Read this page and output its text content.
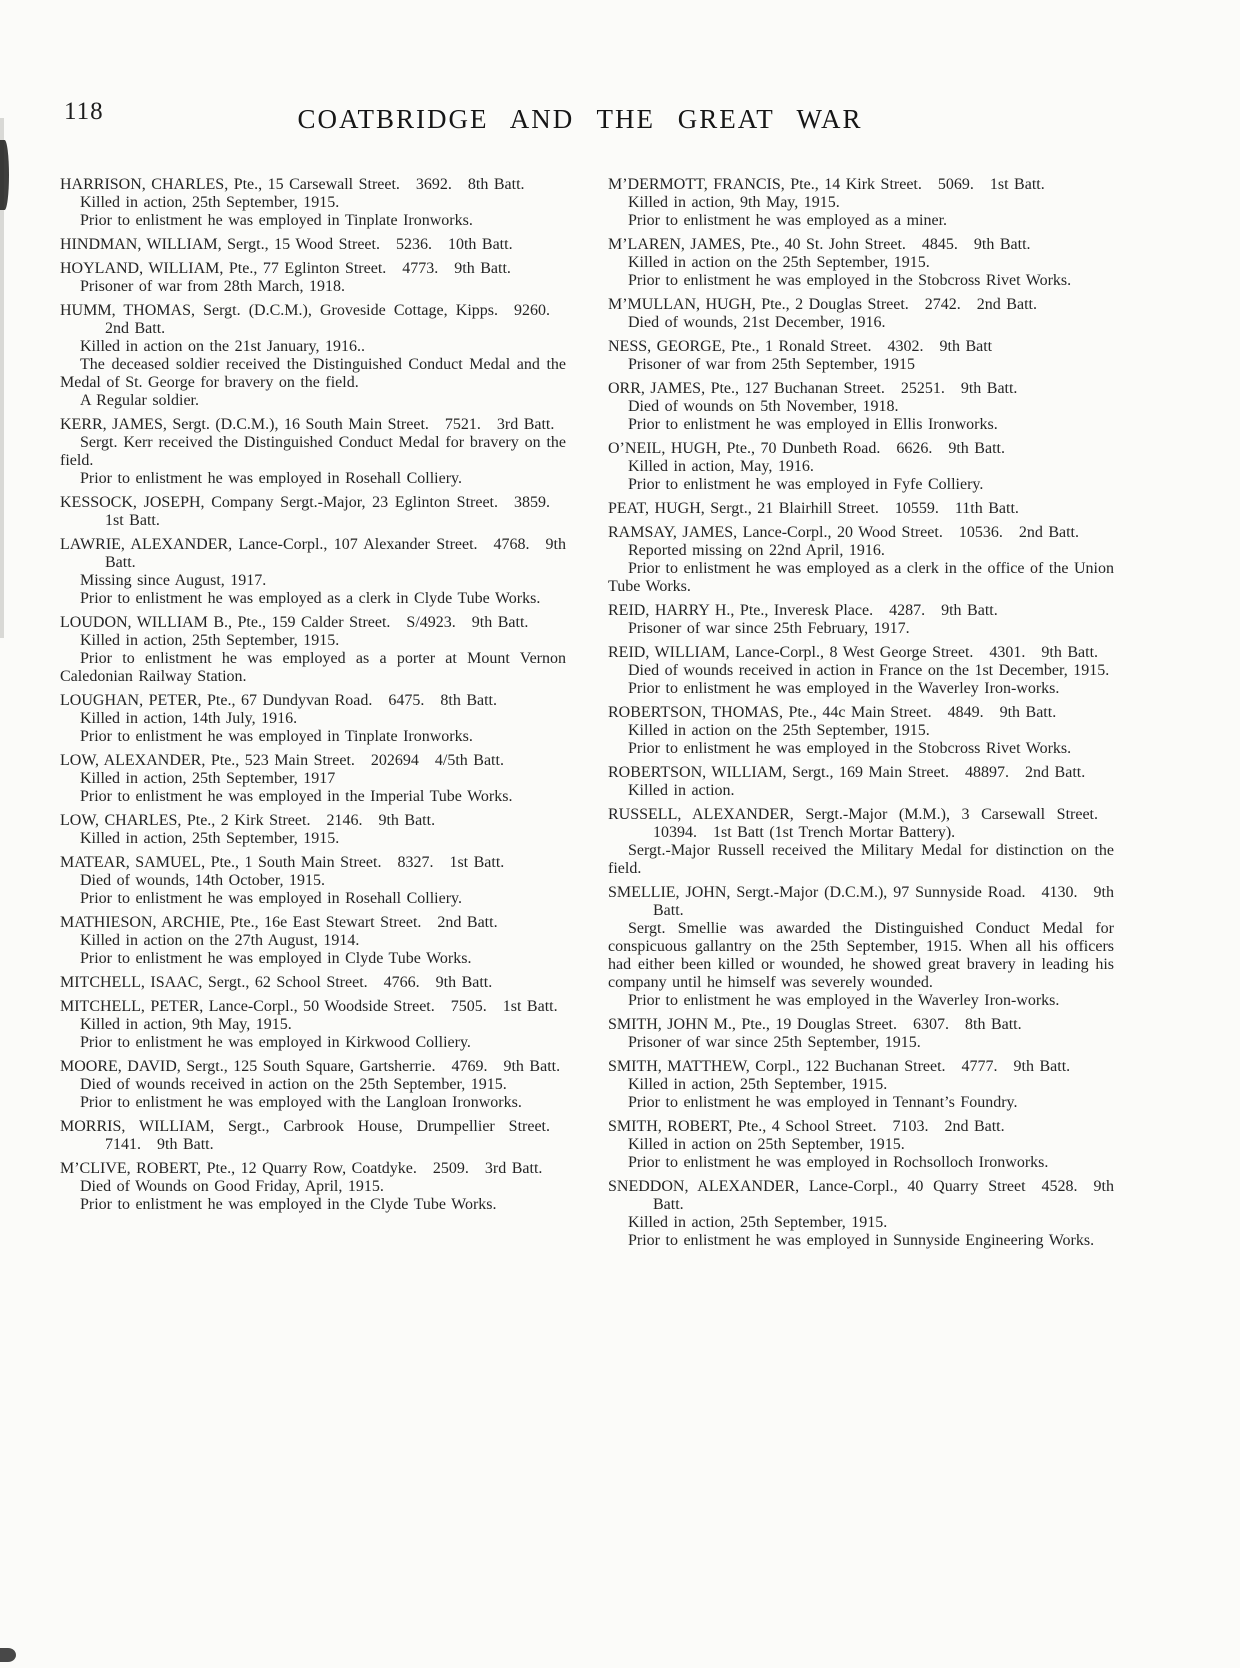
118	COATBRIDGE AND THE GREAT WAR
HARRISON, CHARLES, Pte., 15 Carsewall Street. 3692. 8th Batt.

Killed in action, 25th September, 1915.

Prior to enlistment he was employed in Tinplate Ironworks.

HINDMAN, WILLIAM, Sergt., 15 Wood Street. 5236. 10th Batt.
HOYLAND, WILLIAM, Pte., 77 Eglinton Street. 4773. 9th Batt.

Prisoner of war from 28th March, 1918.

HUMM, THOMAS, Sergt. (D.C.M.), Groveside Cottage, Kipps. 9260. 2nd Batt.

Killed in action on the 21st January, 1916..

The deceased soldier received the Distinguished Conduct Medal and the Medal of St. George for bravery on the field.

A Regular soldier.

KERR, JAMES, Sergt. (D.C.M.), 16 South Main Street. 7521. 3rd Batt.

Sergt. Kerr received the Distinguished Conduct Medal for bravery on the field.

Prior to enlistment he was employed in Rosehall Colliery.

KESSOCK, JOSEPH, Company Sergt.-Major, 23 Eglinton Street. 3859. 1st Batt.
LAWRIE, ALEXANDER, Lance-Corpl., 107 Alexander Street. 4768. 9th Batt.

Missing since August, 1917.

Prior to enlistment he was employed as a clerk in Clyde Tube Works.

LOUDON, WILLIAM B., Pte., 159 Calder Street. S/4923. 9th Batt.

Killed in action, 25th September, 1915.

Prior to enlistment he was employed as a porter at Mount Vernon Caledonian Railway Station.

LOUGHAN, PETER, Pte., 67 Dundyvan Road. 6475. 8th Batt.

Killed in action, 14th July, 1916.

Prior to enlistment he was employed in Tinplate Ironworks.

LOW, ALEXANDER, Pte., 523 Main Street. 202694 4/5th Batt.

Killed in action, 25th September, 1917

Prior to enlistment he was employed in the Imperial Tube Works.

LOW, CHARLES, Pte., 2 Kirk Street. 2146. 9th Batt.

Killed in action, 25th September, 1915.

MATEAR, SAMUEL, Pte., 1 South Main Street. 8327. 1st Batt.

Died of wounds, 14th October, 1915.

Prior to enlistment he was employed in Rosehall Colliery.

MATHIESON, ARCHIE, Pte., 16e East Stewart Street. 2nd Batt.

Killed in action on the 27th August, 1914.

Prior to enlistment he was employed in Clyde Tube Works.

MITCHELL, ISAAC, Sergt., 62 School Street. 4766. 9th Batt.
MITCHELL, PETER, Lance-Corpl., 50 Woodside Street. 7505. 1st Batt.

Killed in action, 9th May, 1915.

Prior to enlistment he was employed in Kirkwood Colliery.

MOORE, DAVID, Sergt., 125 South Square, Gartsherrie. 4769. 9th Batt.

Died of wounds received in action on the 25th September, 1915.

Prior to enlistment he was employed with the Langloan Ironworks.

MORRIS, WILLIAM, Sergt., Carbrook House, Drumpellier Street. 7141. 9th Batt.
M’CLIVE, ROBERT, Pte., 12 Quarry Row, Coatdyke. 2509. 3rd Batt.

Died of Wounds on Good Friday, April, 1915.

Prior to enlistment he was employed in the Clyde Tube Works.

M’DERMOTT, FRANCIS, Pte., 14 Kirk Street. 5069. 1st Batt.

Killed in action, 9th May, 1915.

Prior to enlistment he was employed as a miner.

M’LAREN, JAMES, Pte., 40 St. John Street. 4845. 9th Batt.

Killed in action on the 25th September, 1915.

Prior to enlistment he was employed in the Stobcross Rivet Works.

M’MULLAN, HUGH, Pte., 2 Douglas Street. 2742. 2nd Batt.

Died of wounds, 21st December, 1916.

NESS, GEORGE, Pte., 1 Ronald Street. 4302. 9th Batt

Prisoner of war from 25th September, 1915

ORR, JAMES, Pte., 127 Buchanan Street. 25251. 9th Batt.

Died of wounds on 5th November, 1918.

Prior to enlistment he was employed in Ellis Ironworks.

O’NEIL, HUGH, Pte., 70 Dunbeth Road. 6626. 9th Batt.

Killed in action, May, 1916.

Prior to enlistment he was employed in Fyfe Colliery.

PEAT, HUGH, Sergt., 21 Blairhill Street. 10559. 11th Batt.
RAMSAY, JAMES, Lance-Corpl., 20 Wood Street. 10536. 2nd Batt.

Reported missing on 22nd April, 1916.

Prior to enlistment he was employed as a clerk in the office of the Union Tube Works.

REID, HARRY H., Pte., Inveresk Place. 4287. 9th Batt.

Prisoner of war since 25th February, 1917.

REID, WILLIAM, Lance-Corpl., 8 West George Street. 4301. 9th Batt.

Died of wounds received in action in France on the 1st December, 1915.

Prior to enlistment he was employed in the Waverley Iron-works.

ROBERTSON, THOMAS, Pte., 44c Main Street. 4849. 9th Batt.

Killed in action on the 25th September, 1915.

Prior to enlistment he was employed in the Stobcross Rivet Works.

ROBERTSON, WILLIAM, Sergt., 169 Main Street. 48897. 2nd Batt.

Killed in action.

RUSSELL, ALEXANDER, Sergt.-Major (M.M.), 3 Carsewall Street. 10394. 1st Batt (1st Trench Mortar Battery).

Sergt.-Major Russell received the Military Medal for distinction on the field.

SMELLIE, JOHN, Sergt.-Major (D.C.M.), 97 Sunnyside Road. 4130. 9th Batt.

Sergt. Smellie was awarded the Distinguished Conduct Medal for conspicuous gallantry on the 25th September, 1915. When all his officers had either been killed or wounded, he showed great bravery in leading his company until he himself was severely wounded.

Prior to enlistment he was employed in the Waverley Iron-works.

SMITH, JOHN M., Pte., 19 Douglas Street. 6307. 8th Batt.

Prisoner of war since 25th September, 1915.

SMITH, MATTHEW, Corpl., 122 Buchanan Street. 4777. 9th Batt.

Killed in action, 25th September, 1915.

Prior to enlistment he was employed in Tennant’s Foundry.

SMITH, ROBERT, Pte., 4 School Street. 7103. 2nd Batt.

Killed in action on 25th September, 1915.

Prior to enlistment he was employed in Rochsolloch Ironworks.

SNEDDON, ALEXANDER, Lance-Corpl., 40 Quarry Street 4528. 9th Batt.

Killed in action, 25th September, 1915.

Prior to enlistment he was employed in Sunnyside Engineering Works.
